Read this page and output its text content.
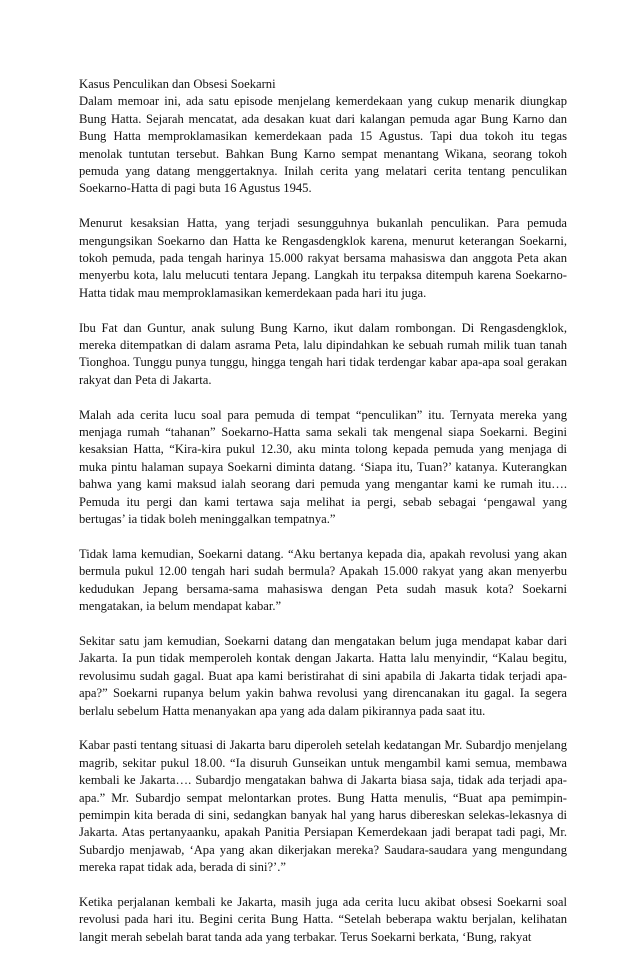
Kasus Penculikan dan Obsesi Soekarni

Dalam memoar ini, ada satu episode menjelang kemerdekaan yang cukup menarik diungkap Bung Hatta. Sejarah mencatat, ada desakan kuat dari kalangan pemuda agar Bung Karno dan Bung Hatta memproklamasikan kemerdekaan pada 15 Agustus. Tapi dua tokoh itu tegas menolak tuntutan tersebut. Bahkan Bung Karno sempat menantang Wikana, seorang tokoh pemuda yang datang menggertaknya. Inilah cerita yang melatari cerita tentang penculikan Soekarno-Hatta di pagi buta 16 Agustus 1945.

Menurut kesaksian Hatta, yang terjadi sesungguhnya bukanlah penculikan. Para pemuda mengungsikan Soekarno dan Hatta ke Rengasdengklok karena, menurut keterangan Soekarni, tokoh pemuda, pada tengah harinya 15.000 rakyat bersama mahasiswa dan anggota Peta akan menyerbu kota, lalu melucuti tentara Jepang. Langkah itu terpaksa ditempuh karena Soekarno-Hatta tidak mau memproklamasikan kemerdekaan pada hari itu juga.

Ibu Fat dan Guntur, anak sulung Bung Karno, ikut dalam rombongan. Di Rengasdengklok, mereka ditempatkan di dalam asrama Peta, lalu dipindahkan ke sebuah rumah milik tuan tanah Tionghoa. Tunggu punya tunggu, hingga tengah hari tidak terdengar kabar apa-apa soal gerakan rakyat dan Peta di Jakarta.

Malah ada cerita lucu soal para pemuda di tempat “penculikan” itu. Ternyata mereka yang menjaga rumah “tahanan” Soekarno-Hatta sama sekali tak mengenal siapa Soekarni. Begini kesaksian Hatta, “Kira-kira pukul 12.30, aku minta tolong kepada pemuda yang menjaga di muka pintu halaman supaya Soekarni diminta datang. ‘Siapa itu, Tuan?’ katanya. Kuterangkan bahwa yang kami maksud ialah seorang dari pemuda yang mengantar kami ke rumah itu…. Pemuda itu pergi dan kami tertawa saja melihat ia pergi, sebab sebagai ‘pengawal yang bertugas’ ia tidak boleh meninggalkan tempatnya.”

Tidak lama kemudian, Soekarni datang. “Aku bertanya kepada dia, apakah revolusi yang akan bermula pukul 12.00 tengah hari sudah bermula? Apakah 15.000 rakyat yang akan menyerbu kedudukan Jepang bersama-sama mahasiswa dengan Peta sudah masuk kota? Soekarni mengatakan, ia belum mendapat kabar.”

Sekitar satu jam kemudian, Soekarni datang dan mengatakan belum juga mendapat kabar dari Jakarta. Ia pun tidak memperoleh kontak dengan Jakarta. Hatta lalu menyindir, “Kalau begitu, revolusimu sudah gagal. Buat apa kami beristirahat di sini apabila di Jakarta tidak terjadi apa-apa?” Soekarni rupanya belum yakin bahwa revolusi yang direncanakan itu gagal. Ia segera berlalu sebelum Hatta menanyakan apa yang ada dalam pikirannya pada saat itu.

Kabar pasti tentang situasi di Jakarta baru diperoleh setelah kedatangan Mr. Subardjo menjelang magrib, sekitar pukul 18.00. “Ia disuruh Gunseikan untuk mengambil kami semua, membawa kembali ke Jakarta…. Subardjo mengatakan bahwa di Jakarta biasa saja, tidak ada terjadi apa-apa.” Mr. Subardjo sempat melontarkan protes. Bung Hatta menulis, “Buat apa pemimpin-pemimpin kita berada di sini, sedangkan banyak hal yang harus dibereskan selekas-lekasnya di Jakarta. Atas pertanyaanku, apakah Panitia Persiapan Kemerdekaan jadi berapat tadi pagi, Mr. Subardjo menjawab, ‘Apa yang akan dikerjakan mereka? Saudara-saudara yang mengundang mereka rapat tidak ada, berada di sini?’.”

Ketika perjalanan kembali ke Jakarta, masih juga ada cerita lucu akibat obsesi Soekarni soal revolusi pada hari itu. Begini cerita Bung Hatta. “Setelah beberapa waktu berjalan, kelihatan langit merah sebelah barat tanda ada yang terbakar. Terus Soekarni berkata, ‘Bung, rakyat
